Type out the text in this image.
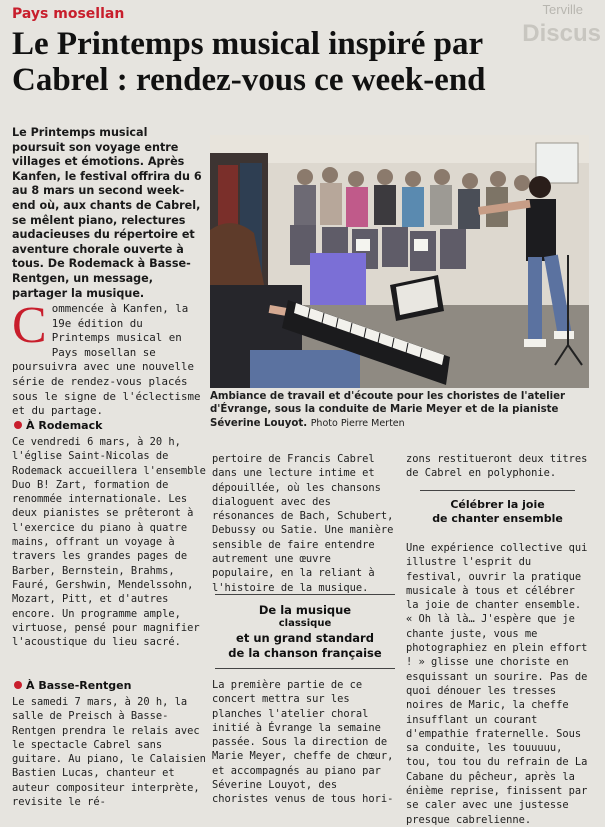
Terville
Discus
Pays mosellan
Le Printemps musical inspiré par Cabrel : rendez-vous ce week-end

Le Printemps musical poursuit son voyage entre villages et émotions. Après Kanfen, le festival offrira du 6 au 8 mars un second week-end où, aux chants de Cabrel, se mêlent piano, relectures audacieuses du répertoire et aventure chorale ouverte à tous. De Rodemack à Basse-Rentgen, un message, partager la musique.

Commencée à Kanfen, la 19e édition du Printemps musical en Pays mosellan se poursuivra avec une nouvelle série de rendez-vous placés sous le signe de l'éclectisme et du partage.

Ambiance de travail et d'écoute pour les choristes de l'atelier d'Évrange, sous la conduite de Marie Meyer et de la pianiste Séverine Louyot. Photo Pierre Merten

À Rodemack

Ce vendredi 6 mars, à 20 h, l'église Saint-Nicolas de Rodemack accueillera l'ensemble Duo B! Zart, formation de renommée internationale. Les deux pianistes se prêteront à l'exercice du piano à quatre mains, offrant un voyage à travers les grandes pages de Barber, Bernstein, Brahms, Fauré, Gershwin, Mendelssohn, Mozart, Pitt, et d'autres encore. Un programme ample, virtuose, pensé pour magnifier l'acoustique du lieu sacré.

À Basse-Rentgen

Le samedi 7 mars, à 20 h, la salle de Preisch à Basse-Rentgen prendra le relais avec le spectacle Cabrel sans guitare. Au piano, le Calaisien Bastien Lucas, chanteur et auteur compositeur interprète, revisite le ré-

pertoire de Francis Cabrel dans une lecture intime et dépouillée, où les chansons dialoguent avec des résonances de Bach, Schubert, Debussy ou Satie. Une manière sensible de faire entendre autrement une œuvre populaire, en la reliant à l'histoire de la musique.

De la musique
classique
et un grand standard
de la chanson française

La première partie de ce concert mettra sur les planches l'atelier choral initié à Évrange la semaine passée. Sous la direction de Marie Meyer, cheffe de chœur, et accompagnés au piano par Séverine Louyot, des choristes venus de tous hori-

zons restitueront deux titres de Cabrel en polyphonie.

Célébrer la joie
de chanter ensemble

Une expérience collective qui illustre l'esprit du festival, ouvrir la pratique musicale à tous et célébrer la joie de chanter ensemble. « Oh là là… J'espère que je chante juste, vous me photographiez en plein effort ! » glisse une choriste en esquissant un sourire. Pas de quoi dénouer les tresses noires de Maric, la cheffe insufflant un courant d'empathie fraternelle. Sous sa conduite, les touuuuu, tou, tou tou du refrain de La Cabane du pêcheur, après la énième reprise, finissent par se caler avec une justesse presque cabrelienne.
